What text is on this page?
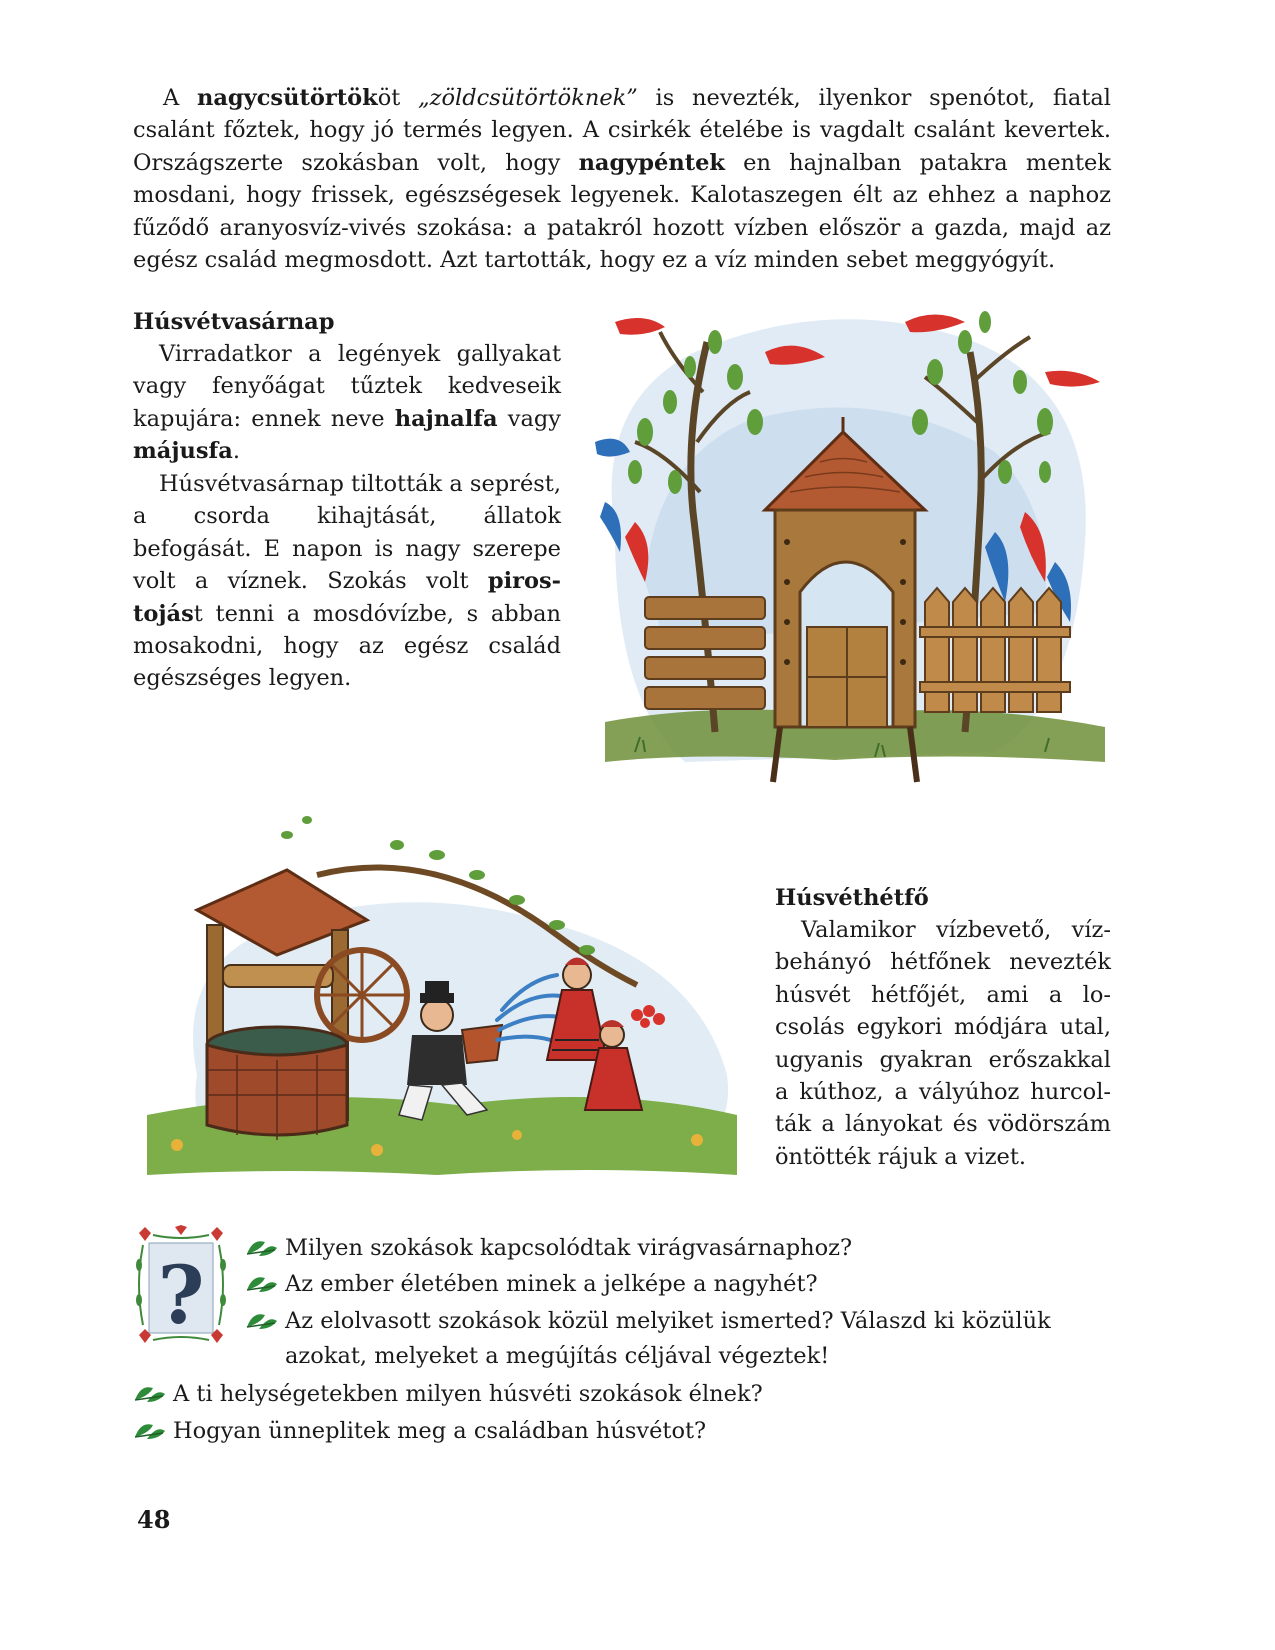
A nagycsütörtököt „zöldcsütörtöknek” is nevezték, ilyenkor spenótot, fiatal csalánt főztek, hogy jó termés legyen. A csirkék ételébe is vagdalt csalánt kevertek. Országszerte szokásban volt, hogy nagypéntek en hajnalban patakra mentek mosdani, hogy frissek, egészségesek legyenek. Kalotaszegen élt az ehhez a naphoz fűződő aranyosvíz-vivés szokása: a patakról hozott vízben először a gazda, majd az egész család megmosdott. Azt tartották, hogy ez a víz minden sebet meggyógyít.

Húsvétvasárnap

Virradatkor a legények gallyakat vagy fenyőágat tűztek kedveseik kapujára: ennek neve hajnalfa vagy májusfa.

Húsvétvasárnap tiltották a seprést, a csorda kihajtását, állatok befogását. E napon is nagy szerepe volt a víznek. Szokás volt piros-tojást tenni a mosdóvízbe, s abban mosakodni, hogy az egész család egészséges legyen.

Húsvéthétfő

Valamikor vízbevető, víz-behányó hétfőnek nevezték húsvét hétfőjét, ami a lo-csolás egykori módjára utal, ugyanis gyakran erőszakkal a kúthoz, a vályúhoz hurcol-ták a lányokat és vödörszám öntötték rájuk a vizet.

?	Milyen szokások kapcsolódtak virágvasárnaphoz?
Az ember életében minek a jelképe a nagyhét?
Az elolvasott szokások közül melyiket ismerted? Válaszd ki közülük
azokat, melyeket a megújítás céljával végeztek!
A ti helységetekben milyen húsvéti szokások élnek?
Hogyan ünneplitek meg a családban húsvétot?
48
